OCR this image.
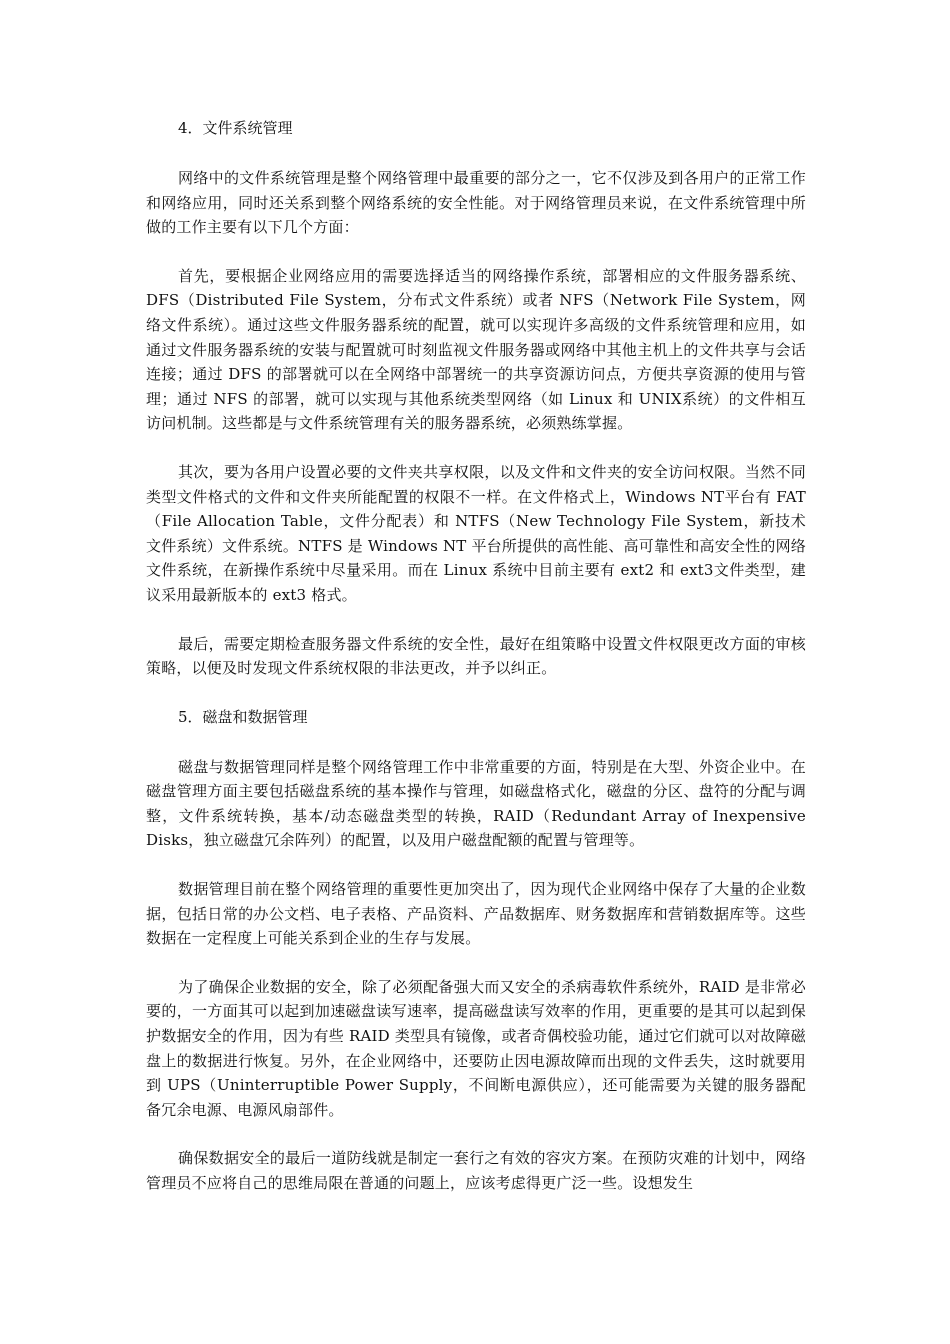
4．文件系统管理

网络中的文件系统管理是整个网络管理中最重要的部分之一，它不仅涉及到各用户的正常工作和网络应用，同时还关系到整个网络系统的安全性能。对于网络管理员来说，在文件系统管理中所做的工作主要有以下几个方面：

首先，要根据企业网络应用的需要选择适当的网络操作系统，部署相应的文件服务器系统、DFS（Distributed File System，分布式文件系统）或者 NFS（Network File System，网络文件系统）。通过这些文件服务器系统的配置，就可以实现许多高级的文件系统管理和应用，如通过文件服务器系统的安装与配置就可时刻监视文件服务器或网络中其他主机上的文件共享与会话连接；通过 DFS 的部署就可以在全网络中部署统一的共享资源访问点，方便共享资源的使用与管理；通过 NFS 的部署，就可以实现与其他系统类型网络（如 Linux 和 UNIX系统）的文件相互访问机制。这些都是与文件系统管理有关的服务器系统，必须熟练掌握。

其次，要为各用户设置必要的文件夹共享权限，以及文件和文件夹的安全访问权限。当然不同类型文件格式的文件和文件夹所能配置的权限不一样。在文件格式上，Windows NT平台有 FAT（File Allocation Table，文件分配表）和 NTFS（New Technology File System，新技术文件系统）文件系统。NTFS 是 Windows NT 平台所提供的高性能、高可靠性和高安全性的网络文件系统，在新操作系统中尽量采用。而在 Linux 系统中目前主要有 ext2 和 ext3文件类型，建议采用最新版本的 ext3 格式。

最后，需要定期检查服务器文件系统的安全性，最好在组策略中设置文件权限更改方面的审核策略，以便及时发现文件系统权限的非法更改，并予以纠正。

5．磁盘和数据管理

磁盘与数据管理同样是整个网络管理工作中非常重要的方面，特别是在大型、外资企业中。在磁盘管理方面主要包括磁盘系统的基本操作与管理，如磁盘格式化，磁盘的分区、盘符的分配与调整，文件系统转换，基本/动态磁盘类型的转换，RAID（Redundant Array of Inexpensive Disks，独立磁盘冗余阵列）的配置，以及用户磁盘配额的配置与管理等。

数据管理目前在整个网络管理的重要性更加突出了，因为现代企业网络中保存了大量的企业数据，包括日常的办公文档、电子表格、产品资料、产品数据库、财务数据库和营销数据库等。这些数据在一定程度上可能关系到企业的生存与发展。

为了确保企业数据的安全，除了必须配备强大而又安全的杀病毒软件系统外，RAID 是非常必要的，一方面其可以起到加速磁盘读写速率，提高磁盘读写效率的作用，更重要的是其可以起到保护数据安全的作用，因为有些 RAID 类型具有镜像，或者奇偶校验功能，通过它们就可以对故障磁盘上的数据进行恢复。另外，在企业网络中，还要防止因电源故障而出现的文件丢失，这时就要用到 UPS（Uninterruptible Power Supply，不间断电源供应），还可能需要为关键的服务器配备冗余电源、电源风扇部件。

确保数据安全的最后一道防线就是制定一套行之有效的容灾方案。在预防灾难的计划中，网络管理员不应将自己的思维局限在普通的问题上，应该考虑得更广泛一些。设想发生
